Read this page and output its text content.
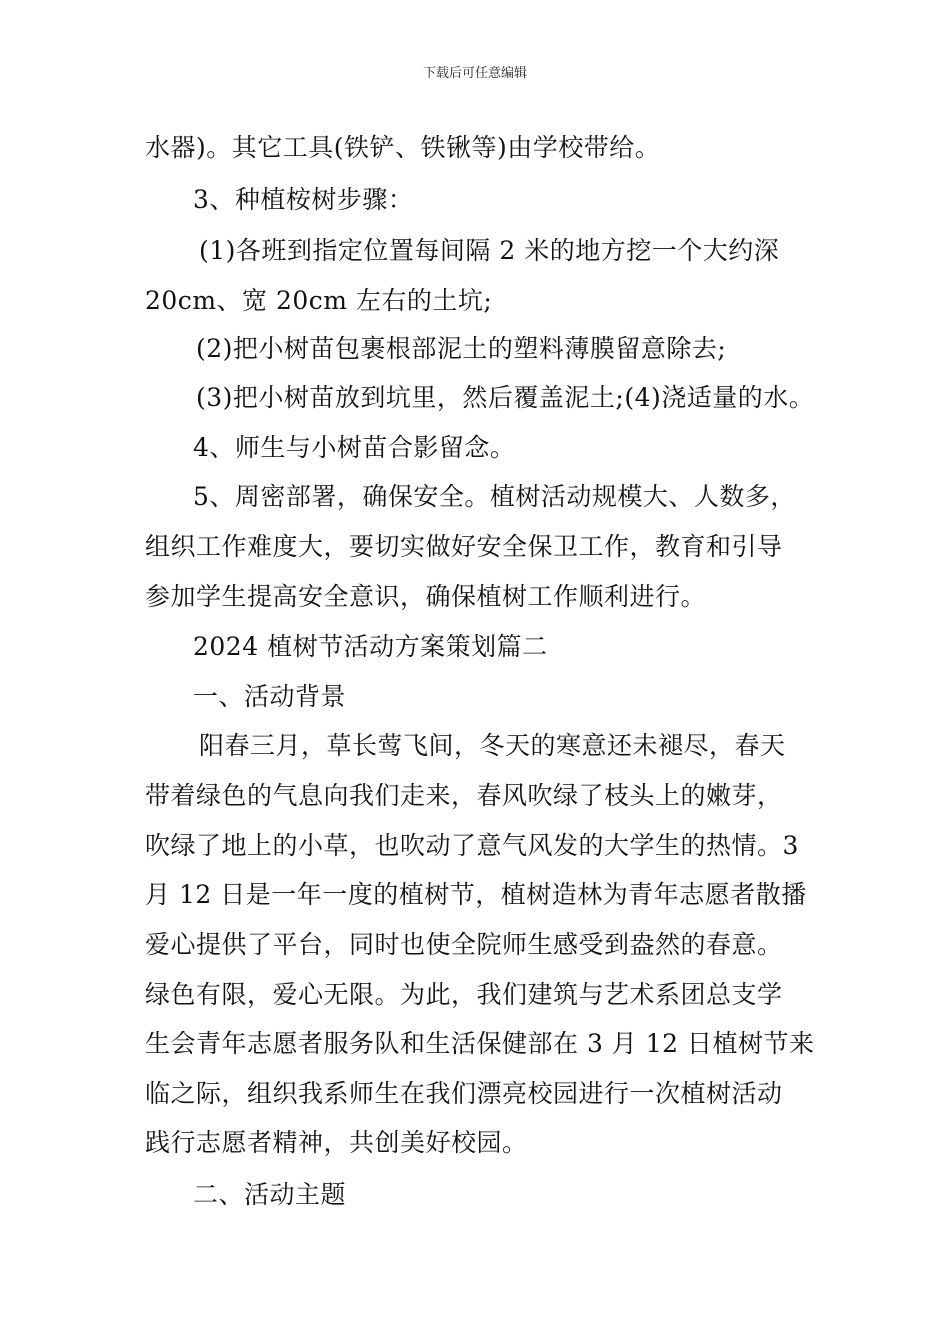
下载后可任意编辑
水器)。其它工具(铁铲、铁锹等)由学校带给。
3、种植桉树步骤：
(1)各班到指定位置每间隔 2 米的地方挖一个大约深
20cm、宽 20cm 左右的土坑;
(2)把小树苗包裹根部泥土的塑料薄膜留意除去;
(3)把小树苗放到坑里，然后覆盖泥土;(4)浇适量的水。
4、师生与小树苗合影留念。
5、周密部署，确保安全。植树活动规模大、人数多，
组织工作难度大，要切实做好安全保卫工作，教育和引导
参加学生提高安全意识，确保植树工作顺利进行。
2024 植树节活动方案策划篇二
一、活动背景
阳春三月，草长莺飞间，冬天的寒意还未褪尽，春天
带着绿色的气息向我们走来，春风吹绿了枝头上的嫩芽，
吹绿了地上的小草，也吹动了意气风发的大学生的热情。3
月 12 日是一年一度的植树节，植树造林为青年志愿者散播
爱心提供了平台，同时也使全院师生感受到盎然的春意。
绿色有限，爱心无限。为此，我们建筑与艺术系团总支学
生会青年志愿者服务队和生活保健部在 3 月 12 日植树节来
临之际，组织我系师生在我们漂亮校园进行一次植树活动
践行志愿者精神，共创美好校园。
二、活动主题
